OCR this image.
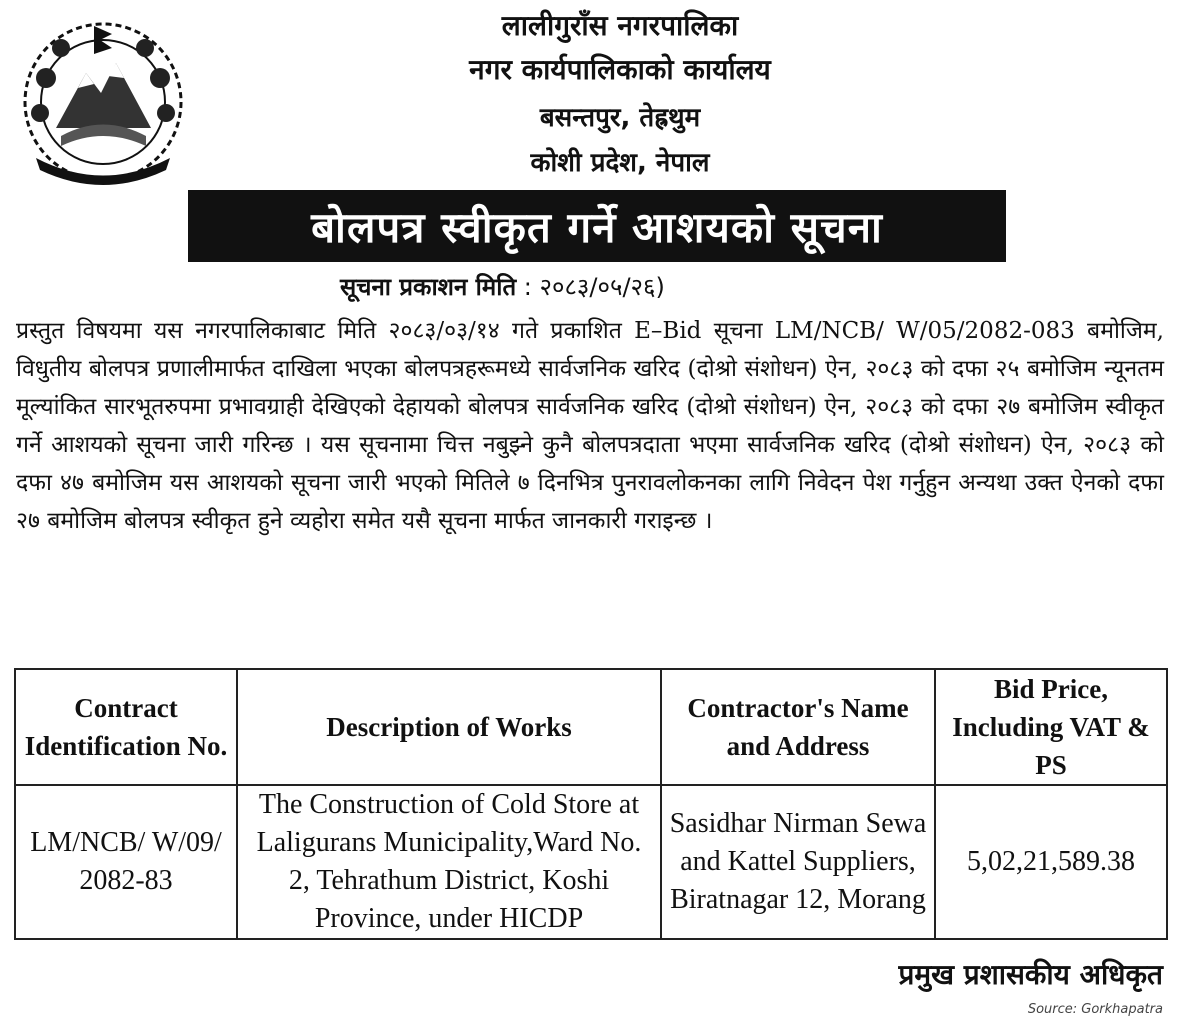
लालीगुराँस नगरपालिका
नगर कार्यपालिकाको कार्यालय
बसन्तपुर, तेह्रथुम
कोशी प्रदेश, नेपाल
बोलपत्र स्वीकृत गर्ने आशयको सूचना
सूचना प्रकाशन मिति : २०८३/०५/२६)
प्रस्तुत विषयमा यस नगरपालिकाबाट मिति २०८३/०३/१४ गते प्रकाशित E–Bid सूचना LM/NCB/ W/05/2082-083 बमोजिम, विधुतीय बोलपत्र प्रणालीमार्फत दाखिला भएका बोलपत्रहरूमध्ये सार्वजनिक खरिद (दोश्रो संशोधन) ऐन, २०८३ को दफा २५ बमोजिम न्यूनतम मूल्यांकित सारभूतरुपमा प्रभावग्राही देखिएको देहायको बोलपत्र सार्वजनिक खरिद (दोश्रो संशोधन) ऐन, २०८३ को दफा २७ बमोजिम स्वीकृत गर्ने आशयको सूचना जारी गरिन्छ । यस सूचनामा चित्त नबुझ्ने कुनै बोलपत्रदाता भएमा सार्वजनिक खरिद (दोश्रो संशोधन) ऐन, २०८३ को दफा ४७ बमोजिम यस आशयको सूचना जारी भएको मितिले ७ दिनभित्र पुनरावलोकनका लागि निवेदन पेश गर्नुहुन अन्यथा उक्त ऐनको दफा २७ बमोजिम बोलपत्र स्वीकृत हुने व्यहोरा समेत यसै सूचना मार्फत जानकारी गराइन्छ ।
Contract Identification No.	Description of Works	Contractor's Name and Address	Bid Price, Including VAT & PS
LM/NCB/ W/09/ 2082-83	The Construction of Cold Store at Laligurans Municipality,Ward No. 2, Tehrathum District, Koshi Province, under HICDP	Sasidhar Nirman Sewa and Kattel Suppliers, Biratnagar 12, Morang	5,02,21,589.38
प्रमुख प्रशासकीय अधिकृत
Source: Gorkhapatra
